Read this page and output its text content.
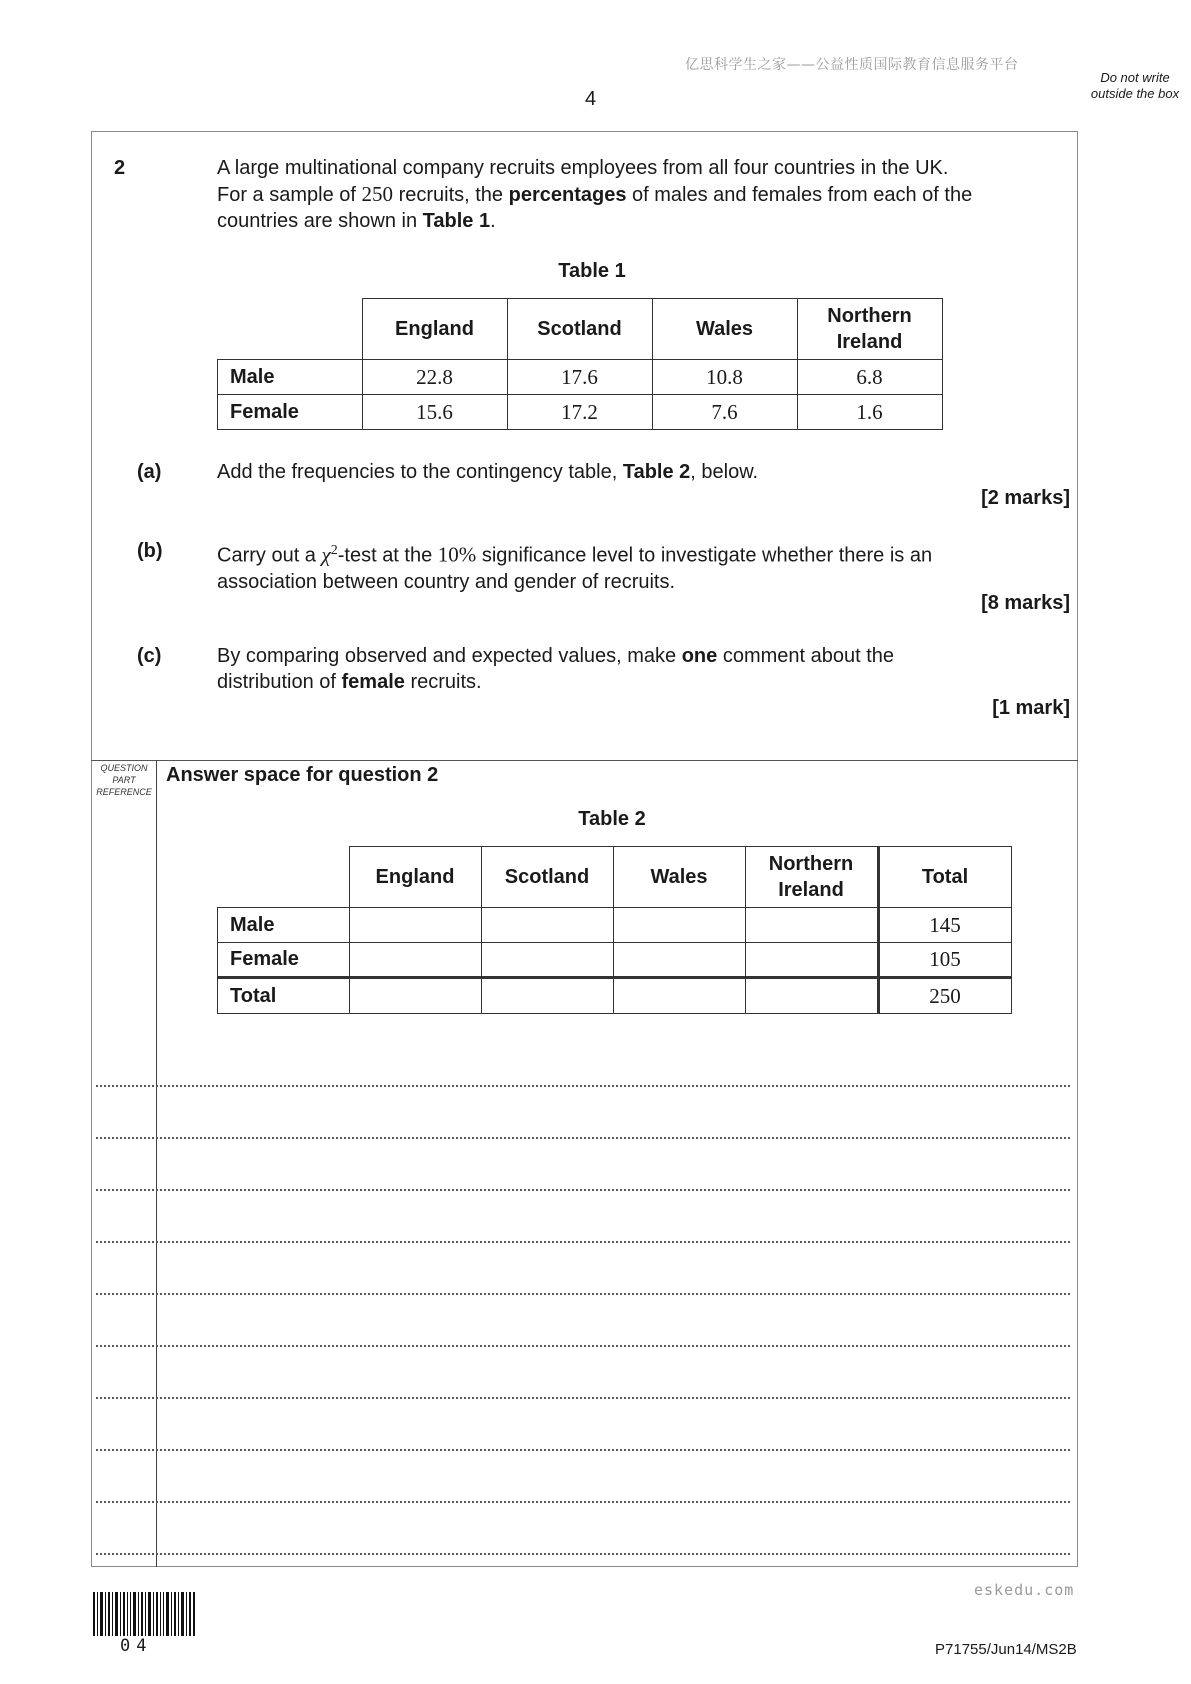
亿思科学生之家——公益性质国际教育信息服务平台
4
Do not write outside the box
QUESTION PART REFERENCE
2	A large multinational company recruits employees from all four countries in the UK.
For a sample of 250 recruits, the percentages of males and females from each of the
countries are shown in Table 1.
Table 1
	England	Scotland	Wales	Northern Ireland
Male	22.8	17.6	10.8	6.8
Female	15.6	17.2	7.6	1.6
(a)	Add the frequencies to the contingency table, Table 2, below.
[2 marks]
(b)	Carry out a $\chi^2$-test at the 10% significance level to investigate whether there is an
association between country and gender of recruits.
[8 marks]
(c)	By comparing observed and expected values, make one comment about the
distribution of female recruits.
[1 mark]
Answer space for question 2
Table 2
	England	Scotland	Wales	Northern Ireland	Total
Male					145
Female					105
Total					250
eskedu.com
04	P71755/Jun14/MS2B
